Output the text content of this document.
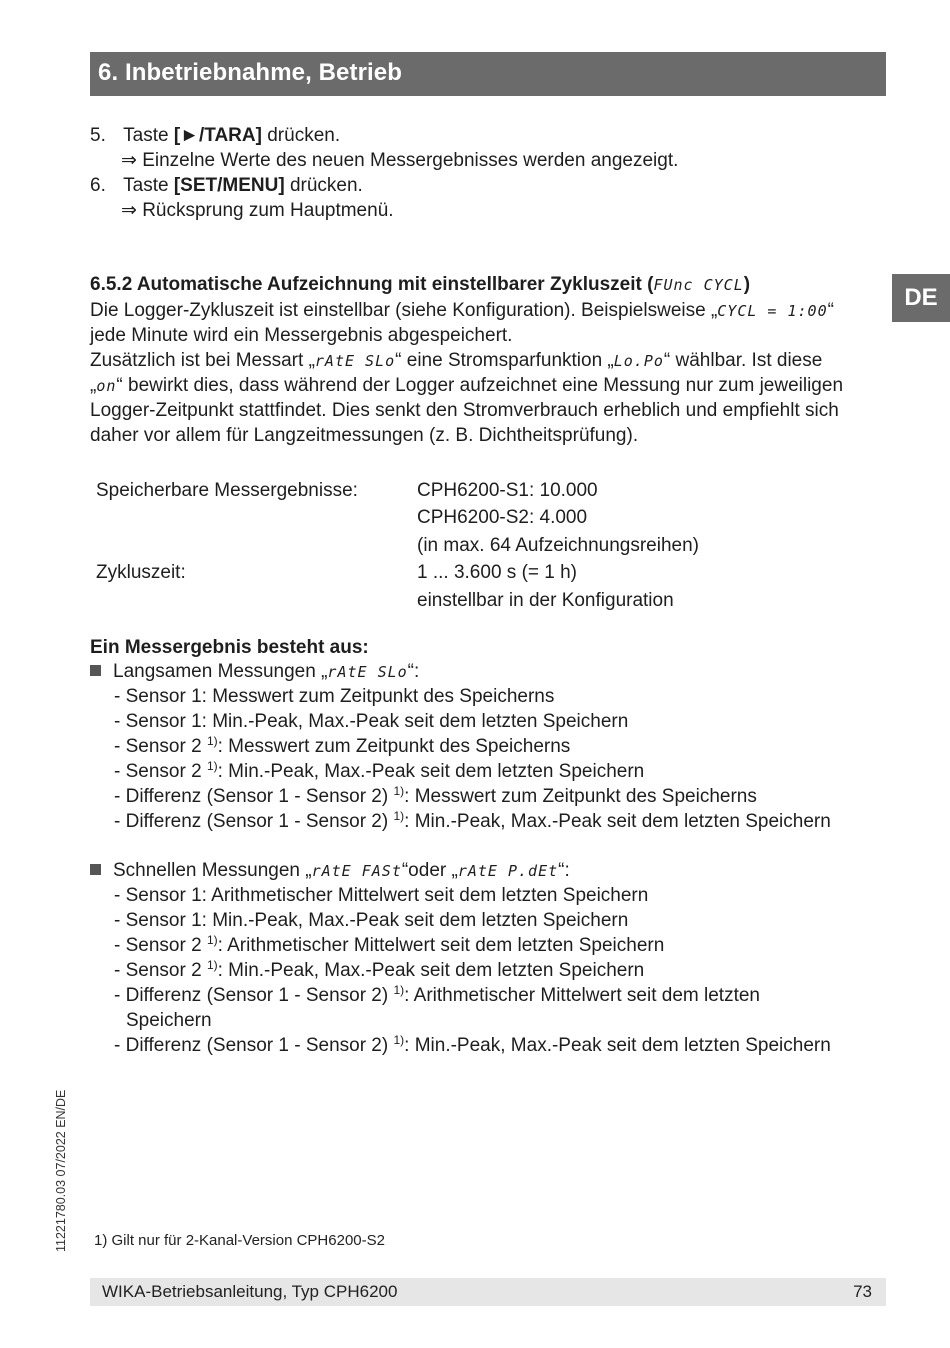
6. Inbetriebnahme, Betrieb
DE
5. Taste [►/TARA] drücken.
⇒ Einzelne Werte des neuen Messergebnisses werden angezeigt.
6. Taste [SET/MENU] drücken.
⇒ Rücksprung zum Hauptmenü.
6.5.2 Automatische Aufzeichnung mit einstellbarer Zykluszeit (FUnc CYCL)
Die Logger-Zykluszeit ist einstellbar (siehe Konfiguration). Beispielsweise „CYCL = 1:00“
jede Minute wird ein Messergebnis abgespeichert.
Zusätzlich ist bei Messart „rAtE SLo“ eine Stromsparfunktion „Lo.Po“ wählbar. Ist diese
„on“ bewirkt dies, dass während der Logger aufzeichnet eine Messung nur zum jeweiligen
Logger-Zeitpunkt stattfindet. Dies senkt den Stromverbrauch erheblich und empfiehlt sich
daher vor allem für Langzeitmessungen (z. B. Dichtheitsprüfung).
Speicherbare Messergebnisse:	CPH6200-S1: 10.000
CPH6200-S2: 4.000
(in max. 64 Aufzeichnungsreihen)
Zykluszeit:	1 ... 3.600 s (= 1 h)
einstellbar in der Konfiguration
Ein Messergebnis besteht aus:
Langsamen Messungen „rAtE SLo“:
- Sensor 1: Messwert zum Zeitpunkt des Speicherns
- Sensor 1: Min.-Peak, Max.-Peak seit dem letzten Speichern
- Sensor 2 $^{1)}$: Messwert zum Zeitpunkt des Speicherns
- Sensor 2 $^{1)}$: Min.-Peak, Max.-Peak seit dem letzten Speichern
- Differenz (Sensor 1 - Sensor 2) $^{1)}$: Messwert zum Zeitpunkt des Speicherns
- Differenz (Sensor 1 - Sensor 2) $^{1)}$: Min.-Peak, Max.-Peak seit dem letzten Speichern
Schnellen Messungen „rAtE FASt“oder „rAtE P.dEt“:
- Sensor 1: Arithmetischer Mittelwert seit dem letzten Speichern
- Sensor 1: Min.-Peak, Max.-Peak seit dem letzten Speichern
- Sensor 2 $^{1)}$: Arithmetischer Mittelwert seit dem letzten Speichern
- Sensor 2 $^{1)}$: Min.-Peak, Max.-Peak seit dem letzten Speichern
- Differenz (Sensor 1 - Sensor 2) $^{1)}$: Arithmetischer Mittelwert seit dem letzten
Speichern
- Differenz (Sensor 1 - Sensor 2) $^{1)}$: Min.-Peak, Max.-Peak seit dem letzten Speichern
11221780.03 07/2022 EN/DE 1) Gilt nur für 2-Kanal-Version CPH6200-S2
WIKA-Betriebsanleitung, Typ CPH6200	73
